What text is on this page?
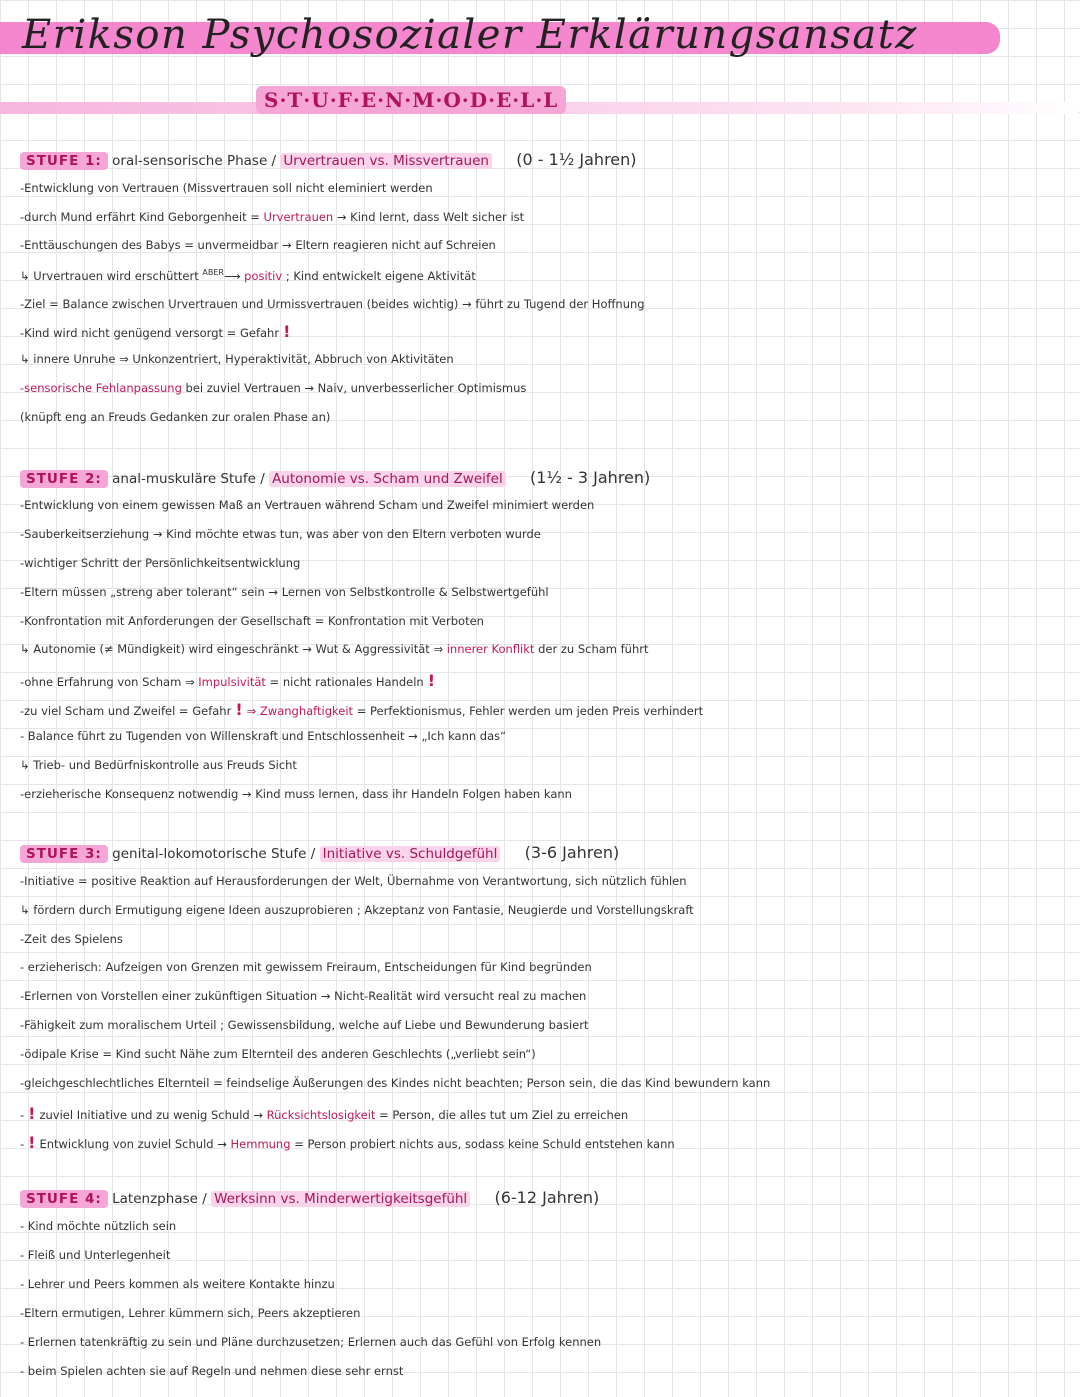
Erikson Psychosozialer Erklärungsansatz
S·T·U·F·E·N·M·O·D·E·L·L
STUFE 1: oral-sensorische Phase / Urvertrauen vs. Missvertrauen (0 - 1½ Jahren)

-Entwicklung von Vertrauen (Missvertrauen soll nicht eleminiert werden

-durch Mund erfährt Kind Geborgenheit = Urvertrauen → Kind lernt, dass Welt sicher ist

-Enttäuschungen des Babys = unvermeidbar → Eltern reagieren nicht auf Schreien

↳ Urvertrauen wird erschüttert $^{ABER}$⟶ positiv ; Kind entwickelt eigene Aktivität

-Ziel = Balance zwischen Urvertrauen und Urmissvertrauen (beides wichtig) → führt zu Tugend der Hoffnung

-Kind wird nicht genügend versorgt = Gefahr !

↳ innere Unruhe ⇒ Unkonzentriert, Hyperaktivität, Abbruch von Aktivitäten

-sensorische Fehlanpassung bei zuviel Vertrauen → Naiv, unverbesserlicher Optimismus

(knüpft eng an Freuds Gedanken zur oralen Phase an)

STUFE 2: anal-muskuläre Stufe / Autonomie vs. Scham und Zweifel (1½ - 3 Jahren)

-Entwicklung von einem gewissen Maß an Vertrauen während Scham und Zweifel minimiert werden

-Sauberkeitserziehung → Kind möchte etwas tun, was aber von den Eltern verboten wurde

-wichtiger Schritt der Persönlichkeitsentwicklung

-Eltern müssen „streng aber tolerant“ sein → Lernen von Selbstkontrolle & Selbstwertgefühl

-Konfrontation mit Anforderungen der Gesellschaft = Konfrontation mit Verboten

↳ Autonomie (≠ Mündigkeit) wird eingeschränkt → Wut & Aggressivität ⇒ innerer Konflikt der zu Scham führt

-ohne Erfahrung von Scham ⇒ Impulsivität = nicht rationales Handeln !

-zu viel Scham und Zweifel = Gefahr ! ⇒ Zwanghaftigkeit = Perfektionismus, Fehler werden um jeden Preis verhindert

- Balance führt zu Tugenden von Willenskraft und Entschlossenheit → „Ich kann das“

↳ Trieb- und Bedürfniskontrolle aus Freuds Sicht

-erzieherische Konsequenz notwendig → Kind muss lernen, dass ihr Handeln Folgen haben kann

STUFE 3: genital-lokomotorische Stufe / Initiative vs. Schuldgefühl (3-6 Jahren)

-Initiative = positive Reaktion auf Herausforderungen der Welt, Übernahme von Verantwortung, sich nützlich fühlen

↳ fördern durch Ermutigung eigene Ideen auszuprobieren ; Akzeptanz von Fantasie, Neugierde und Vorstellungskraft

-Zeit des Spielens

- erzieherisch: Aufzeigen von Grenzen mit gewissem Freiraum, Entscheidungen für Kind begründen

-Erlernen von Vorstellen einer zukünftigen Situation → Nicht-Realität wird versucht real zu machen

-Fähigkeit zum moralischem Urteil ; Gewissensbildung, welche auf Liebe und Bewunderung basiert

-ödipale Krise = Kind sucht Nähe zum Elternteil des anderen Geschlechts („verliebt sein“)

-gleichgeschlechtliches Elternteil = feindselige Äußerungen des Kindes nicht beachten; Person sein, die das Kind bewundern kann

- ! zuviel Initiative und zu wenig Schuld → Rücksichtslosigkeit = Person, die alles tut um Ziel zu erreichen

- ! Entwicklung von zuviel Schuld → Hemmung = Person probiert nichts aus, sodass keine Schuld entstehen kann

STUFE 4: Latenzphase / Werksinn vs. Minderwertigkeitsgefühl (6-12 Jahren)

- Kind möchte nützlich sein

- Fleiß und Unterlegenheit

- Lehrer und Peers kommen als weitere Kontakte hinzu

-Eltern ermutigen, Lehrer kümmern sich, Peers akzeptieren

- Erlernen tatenkräftig zu sein und Pläne durchzusetzen; Erlernen auch das Gefühl von Erfolg kennen

- beim Spielen achten sie auf Regeln und nehmen diese sehr ernst
